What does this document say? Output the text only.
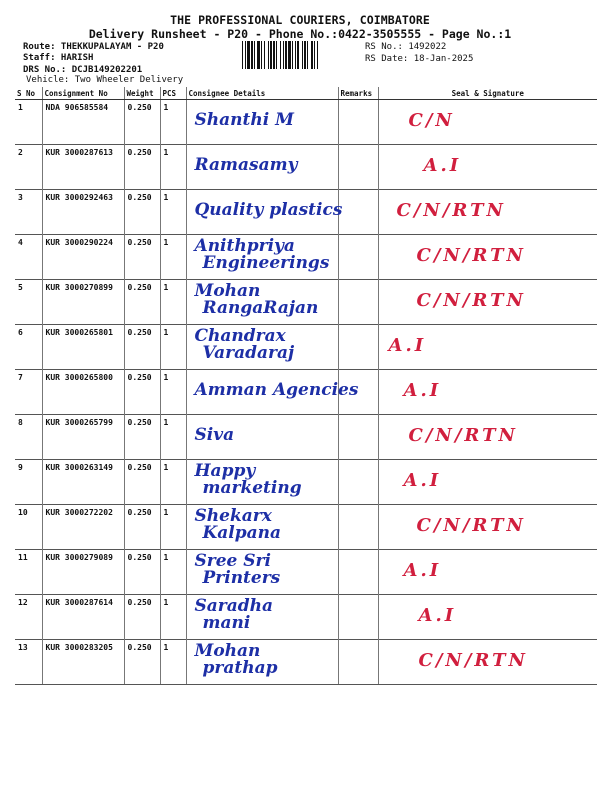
THE PROFESSIONAL COURIERS, COIMBATORE
Delivery Runsheet - P20 - Phone No.:0422-3505555 - Page No.:1
Route: THEKKUPALAYAM - P20
Staff: HARISH
DRS No.: DCJB149202201
Vehicle: Two Wheeler Delivery
RS No.: 1492022
RS Date: 18-Jan-2025
S No	Consignment No	Weight	PCS	Consignee Details	Remarks	Seal & Signature
1	NDA 906585584	0.250	1	Shanthi M		C/N

2	KUR 3000287613	0.250	1	Ramasamy		A.I

3	KUR 3000292463	0.250	1	Quality plastics		C/N/RTN

4	KUR 3000290224	0.250	1	Anithpriya
Engineerings		C/N/RTN

5	KUR 3000270899	0.250	1	Mohan
RangaRajan		C/N/RTN

6	KUR 3000265801	0.250	1	Chandrax
Varadaraj		A.I

7	KUR 3000265800	0.250	1	Amman Agencies		A.I

8	KUR 3000265799	0.250	1	Siva		C/N/RTN

9	KUR 3000263149	0.250	1	Happy
marketing		A.I

10	KUR 3000272202	0.250	1	Shekarx
Kalpana		C/N/RTN

11	KUR 3000279089	0.250	1	Sree Sri
Printers		A.I

12	KUR 3000287614	0.250	1	Saradha
mani		A.I

13	KUR 3000283205	0.250	1	Mohan
prathap		C/N/RTN
